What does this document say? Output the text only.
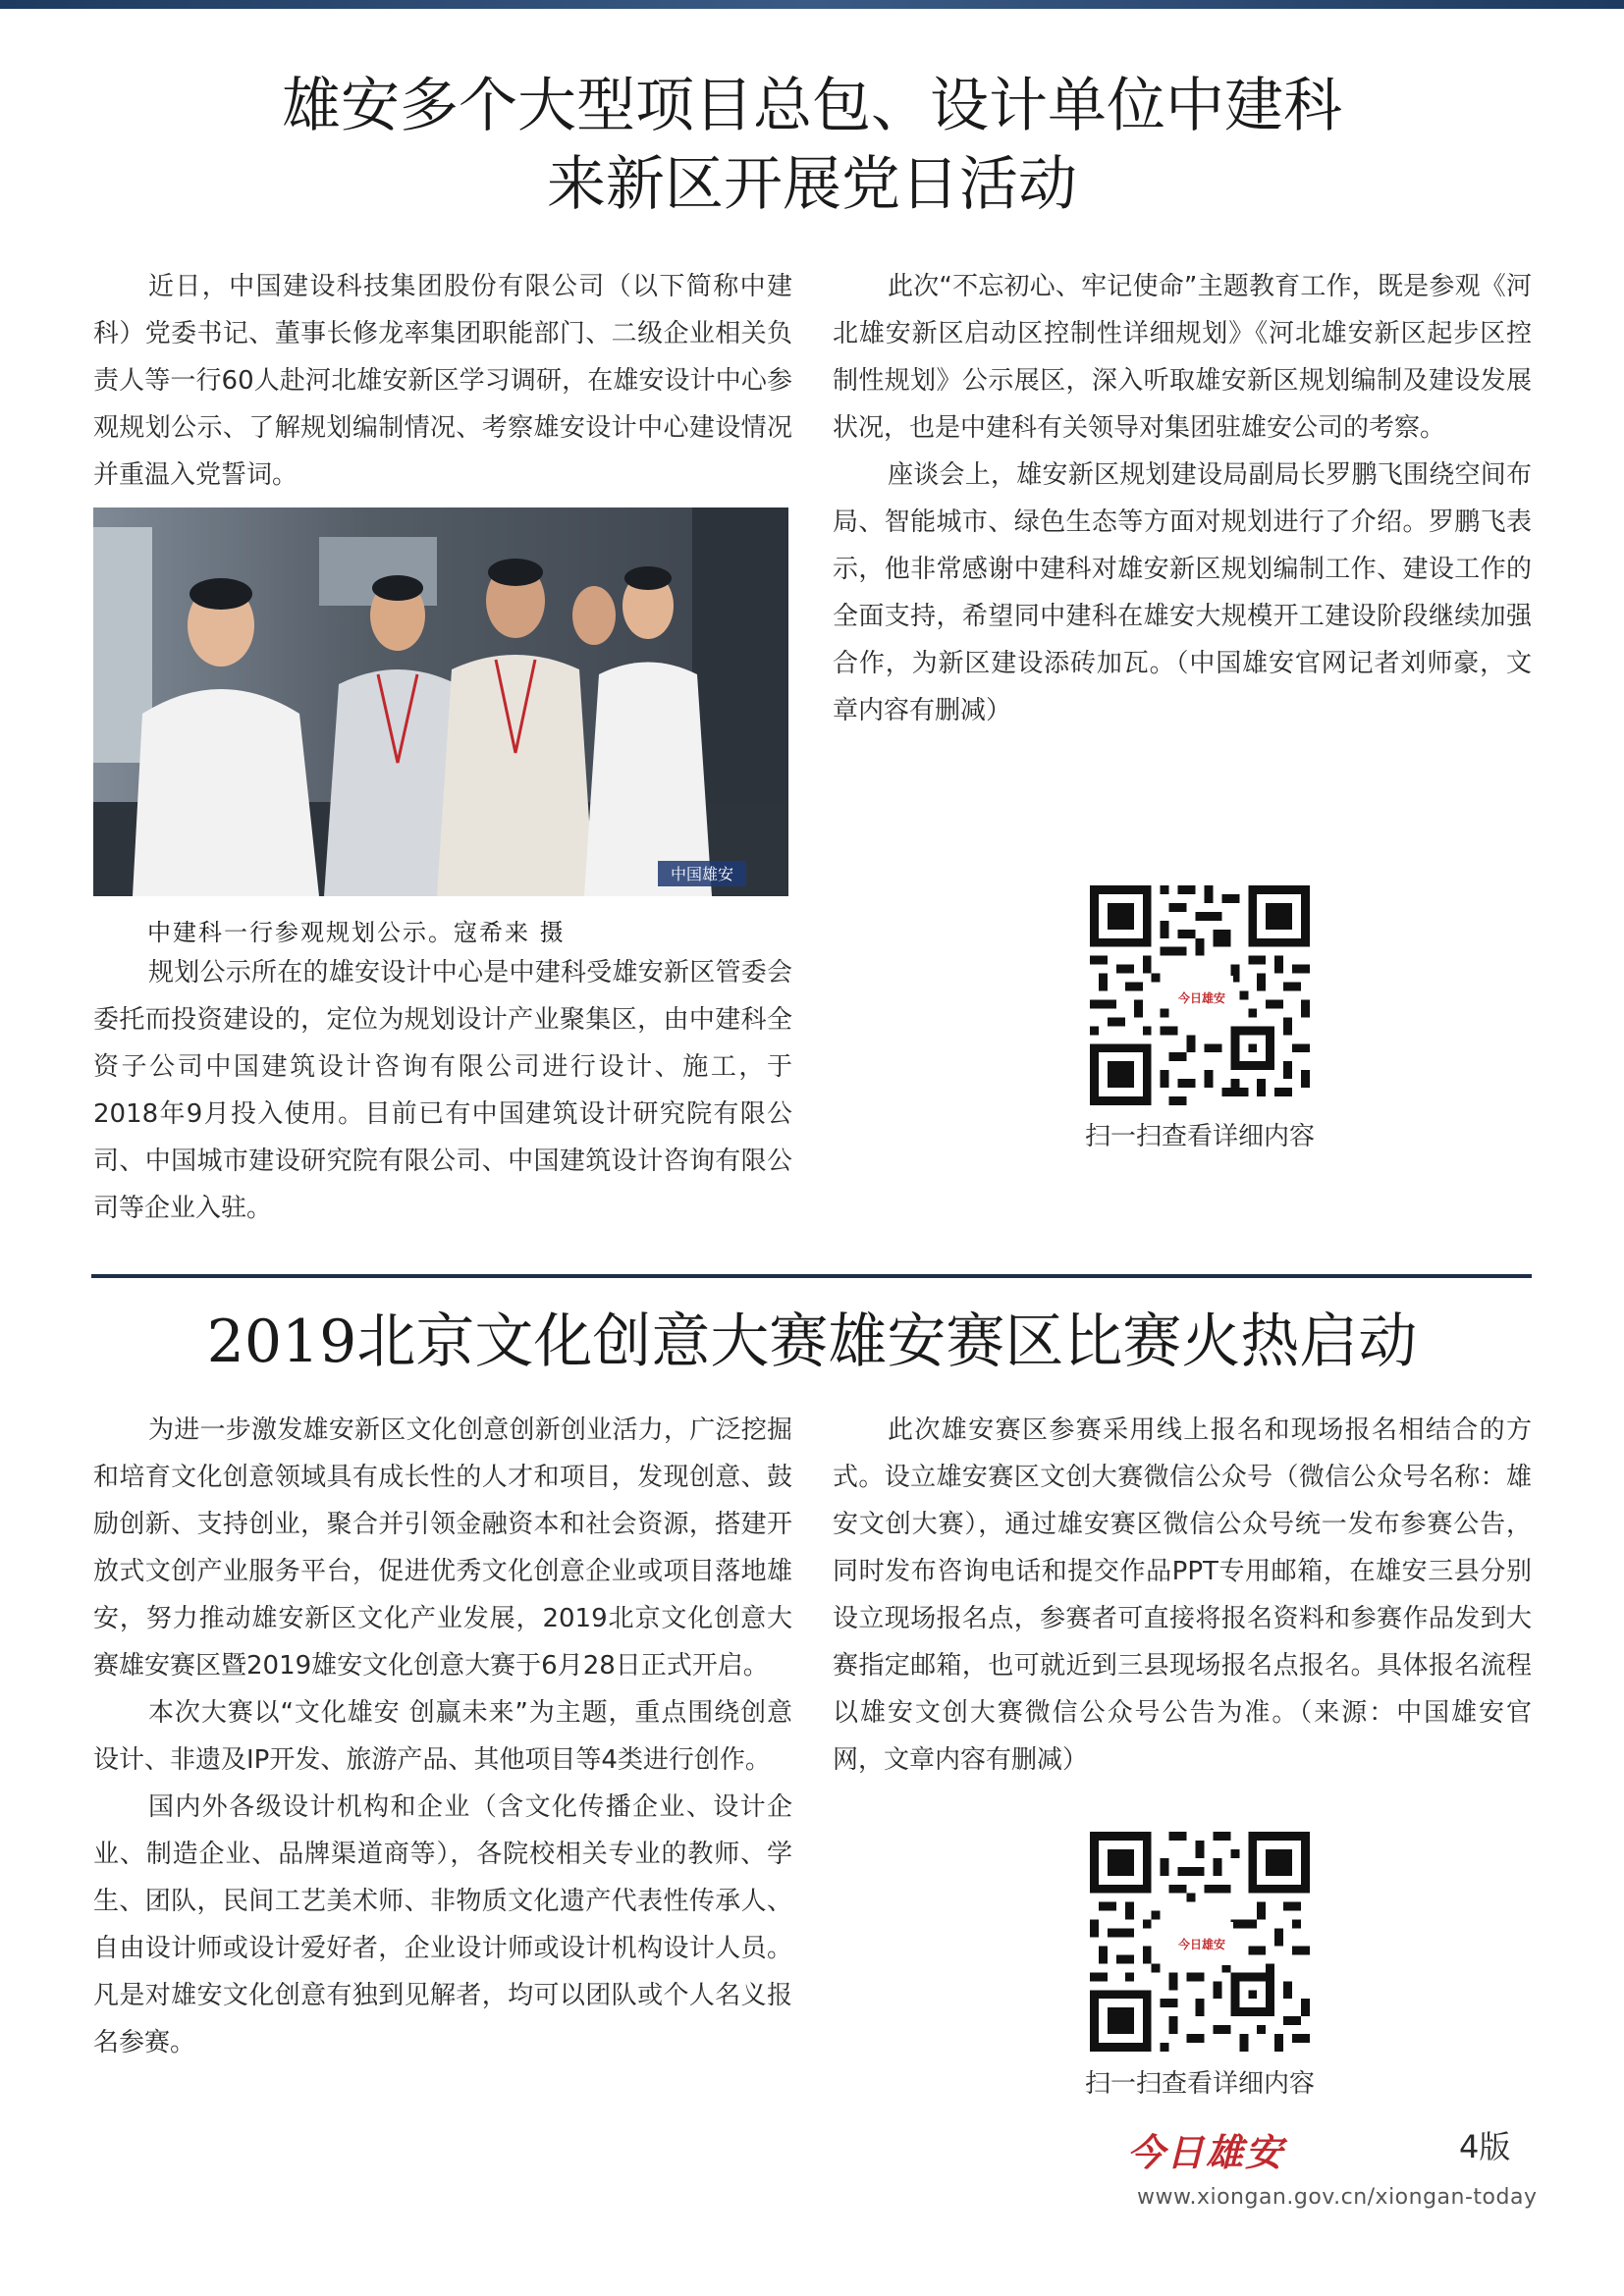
雄安多个大型项目总包、设计单位中建科
来新区开展党日活动

近日，中国建设科技集团股份有限公司（以下简称中建科）党委书记、董事长修龙率集团职能部门、二级企业相关负责人等一行60人赴河北雄安新区学习调研，在雄安设计中心参观规划公示、了解规划编制情况、考察雄安设计中心建设情况并重温入党誓词。

中国雄安

中建科一行参观规划公示。寇希来 摄

规划公示所在的雄安设计中心是中建科受雄安新区管委会委托而投资建设的，定位为规划设计产业聚集区，由中建科全资子公司中国建筑设计咨询有限公司进行设计、施工，于2018年9月投入使用。目前已有中国建筑设计研究院有限公司、中国城市建设研究院有限公司、中国建筑设计咨询有限公司等企业入驻。

此次“不忘初心、牢记使命”主题教育工作，既是参观《河北雄安新区启动区控制性详细规划》《河北雄安新区起步区控制性规划》公示展区，深入听取雄安新区规划编制及建设发展状况，也是中建科有关领导对集团驻雄安公司的考察。

座谈会上，雄安新区规划建设局副局长罗鹏飞围绕空间布局、智能城市、绿色生态等方面对规划进行了介绍。罗鹏飞表示，他非常感谢中建科对雄安新区规划编制工作、建设工作的全面支持，希望同中建科在雄安大规模开工建设阶段继续加强合作，为新区建设添砖加瓦。（中国雄安官网记者刘师豪，文章内容有删减）

今日雄安

扫一扫查看详细内容

2019北京文化创意大赛雄安赛区比赛火热启动

为进一步激发雄安新区文化创意创新创业活力，广泛挖掘和培育文化创意领域具有成长性的人才和项目，发现创意、鼓励创新、支持创业，聚合并引领金融资本和社会资源，搭建开放式文创产业服务平台，促进优秀文化创意企业或项目落地雄安，努力推动雄安新区文化产业发展，2019北京文化创意大赛雄安赛区暨2019雄安文化创意大赛于6月28日正式开启。

本次大赛以“文化雄安 创赢未来”为主题，重点围绕创意设计、非遗及IP开发、旅游产品、其他项目等4类进行创作。

国内外各级设计机构和企业（含文化传播企业、设计企业、制造企业、品牌渠道商等），各院校相关专业的教师、学生、团队，民间工艺美术师、非物质文化遗产代表性传承人、自由设计师或设计爱好者，企业设计师或设计机构设计人员。凡是对雄安文化创意有独到见解者，均可以团队或个人名义报名参赛。

此次雄安赛区参赛采用线上报名和现场报名相结合的方式。设立雄安赛区文创大赛微信公众号（微信公众号名称：雄安文创大赛），通过雄安赛区微信公众号统一发布参赛公告，同时发布咨询电话和提交作品PPT专用邮箱，在雄安三县分别设立现场报名点，参赛者可直接将报名资料和参赛作品发到大赛指定邮箱，也可就近到三县现场报名点报名。具体报名流程以雄安文创大赛微信公众号公告为准。（来源：中国雄安官网，文章内容有删减）

今日雄安

扫一扫查看详细内容

今日雄安	4版

www.xiongan.gov.cn/xiongan-today
